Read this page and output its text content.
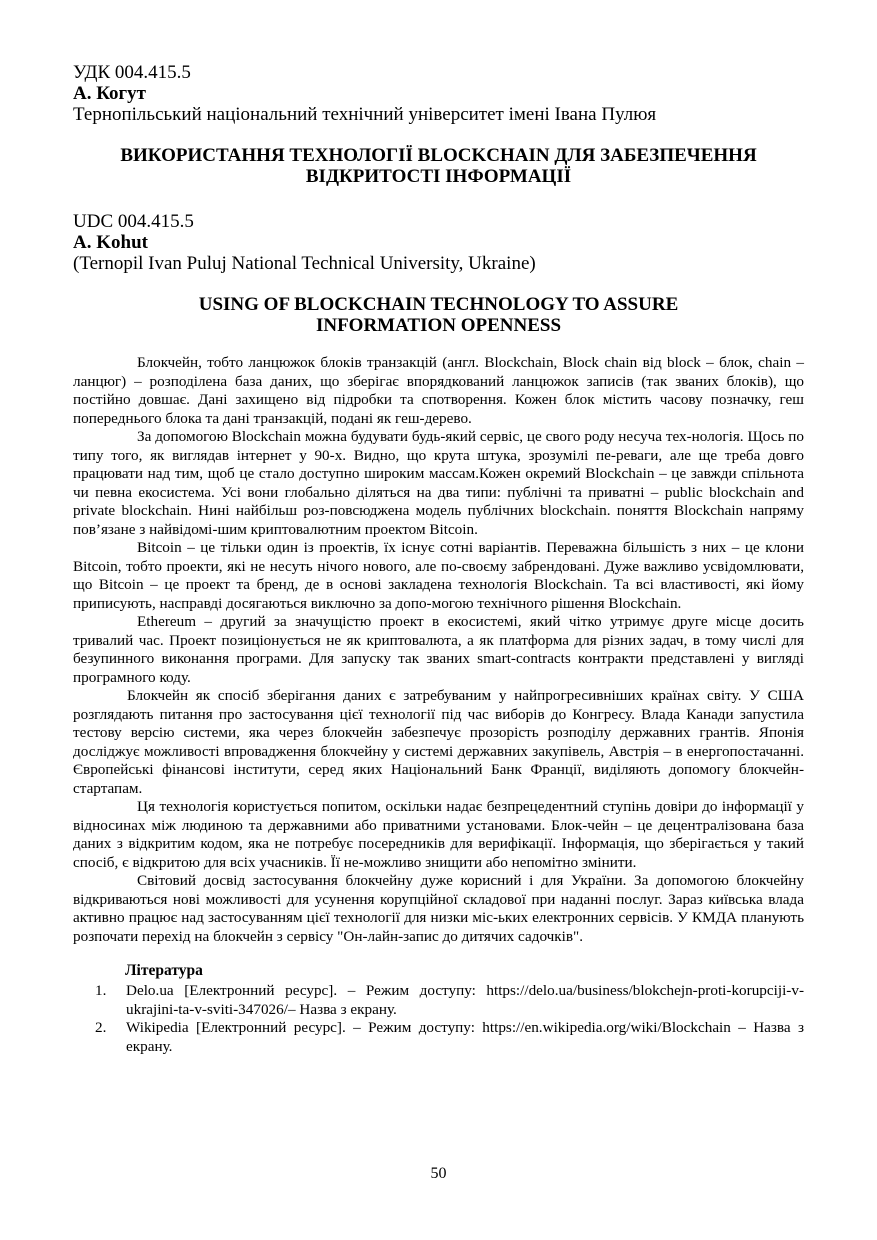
УДК 004.415.5

А. Когут

Тернопільський національний технічний університет імені Івана Пулюя

ВИКОРИСТАННЯ ТЕХНОЛОГІЇ BLOCKCHAIN ДЛЯ ЗАБЕЗПЕЧЕННЯ
ВІДКРИТОСТІ ІНФОРМАЦІЇ

UDC 004.415.5

A. Kohut

(Ternopil Ivan Puluj National Technical University, Ukraine)

USING OF BLOCKCHAIN TECHNOLOGY TO ASSURE
INFORMATION OPENNESS

Блокчейн, тобто ланцюжок блоків транзакцій (англ. Blockchain, Block chain від block – блок, chain – ланцюг) – розподілена база даних, що зберігає впорядкований ланцюжок записів (так званих блоків), що постійно довшає. Дані захищено від підробки та спотворення. Кожен блок містить часову позначку, геш попереднього блока та дані транзакцій, подані як геш-дерево.

За допомогою Blockchain можна будувати будь-який сервіс, це свого роду несуча тех-нологія. Щось по типу того, як виглядав інтернет у 90-х. Видно, що крута штука, зрозумілі пе-реваги, але ще треба довго працювати над тим, щоб це стало доступно широким массам.Кожен окремий Blockchain – це завжди спільнота чи певна екосистема. Усі вони глобально діляться на два типи: публічні та приватні – public blockchain and private blockchain. Нині найбільш роз-повсюджена модель публічних blockchain. поняття Blockchain напряму пов’язане з найвідомі-шим криптовалютним проектом Bitcoin.

Bitcoin – це тільки один із проектів, їх існує сотні варіантів. Переважна більшість з них – це клони Bitcoin, тобто проекти, які не несуть нічого нового, але по-своєму забрендовані. Дуже важливо усвідомлювати, що Bitcoin – це проект та бренд, де в основі закладена технологія Blockchain. Та всі властивості, які йому приписують, насправді досягаються виключно за допо-могою технічного рішення Blockchain.

Ethereum – другий за значущістю проект в екосистемі, який чітко утримує друге місце досить тривалий час. Проект позиціонується не як криптовалюта, а як платформа для різних задач, в тому числі для безупинного виконання програми. Для запуску так званих smart-contracts контракти представлені у вигляді програмного коду.

Блокчейн як спосіб зберігання даних є затребуваним у найпрогресивніших країнах світу. У США розглядають питання про застосування цієї технології під час виборів до Конгресу. Влада Канади запустила тестову версію системи, яка через блокчейн забезпечує прозорість розподілу державних грантів. Японія досліджує можливості впровадження блокчейну у системі державних закупівель, Австрія – в енергопостачанні. Європейські фінансові інститути, серед яких Національний Банк Франції, виділяють допомогу блокчейн-стартапам.

Ця технологія користується попитом, оскільки надає безпрецедентний ступінь довіри до інформації у відносинах між людиною та державними або приватними установами. Блок-чейн – це децентралізована база даних з відкритим кодом, яка не потребує посередників для верифікації. Інформація, що зберігається у такий спосіб, є відкритою для всіх учасників. Її не-можливо знищити або непомітно змінити.

Світовий досвід застосування блокчейну дуже корисний і для України. За допомогою блокчейну відкриваються нові можливості для усунення корупційної складової при наданні послуг. Зараз київська влада активно працює над застосуванням цієї технології для низки міс-ьких електронних сервісів. У КМДА планують розпочати перехід на блокчейн з сервісу "Он-лайн-запис до дитячих садочків".

Література
1. Delo.ua [Електронний ресурс]. – Режим доступу: https://delo.ua/business/blokchejn-proti-korupciji-v-ukrajini-ta-v-sviti-347026/– Назва з екрану.
2. Wikipedia [Електронний ресурс]. – Режим доступу: https://en.wikipedia.org/wiki/Blockchain – Назва з екрану.
50
